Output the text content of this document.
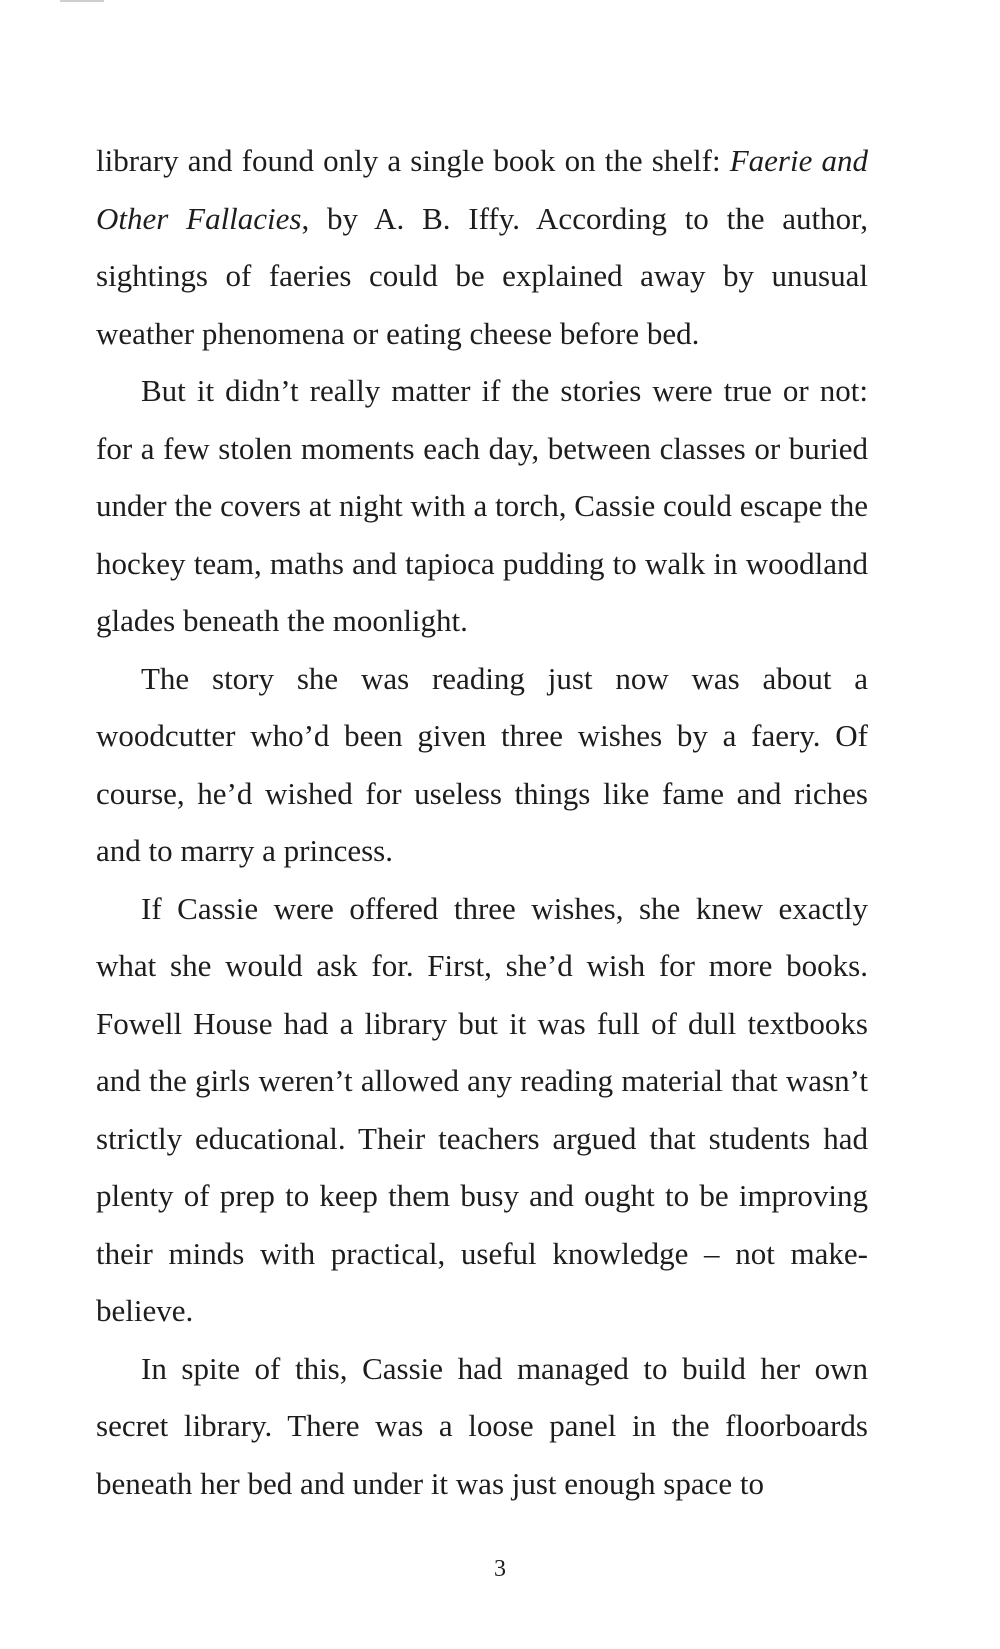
library and found only a single book on the shelf: Faerie and Other Fallacies, by A. B. Iffy. According to the author, sightings of faeries could be explained away by unusual weather phenomena or eating cheese before bed.

But it didn’t really matter if the stories were true or not: for a few stolen moments each day, between classes or buried under the covers at night with a torch, Cassie could escape the hockey team, maths and tapioca pudding to walk in woodland glades beneath the moonlight.

The story she was reading just now was about a woodcutter who’d been given three wishes by a faery. Of course, he’d wished for useless things like fame and riches and to marry a princess.

If Cassie were offered three wishes, she knew exactly what she would ask for. First, she’d wish for more books. Fowell House had a library but it was full of dull textbooks and the girls weren’t allowed any reading material that wasn’t strictly educational. Their teachers argued that students had plenty of prep to keep them busy and ought to be improving their minds with practical, useful knowledge – not make-believe.

In spite of this, Cassie had managed to build her own secret library. There was a loose panel in the floorboards beneath her bed and under it was just enough space to

3
